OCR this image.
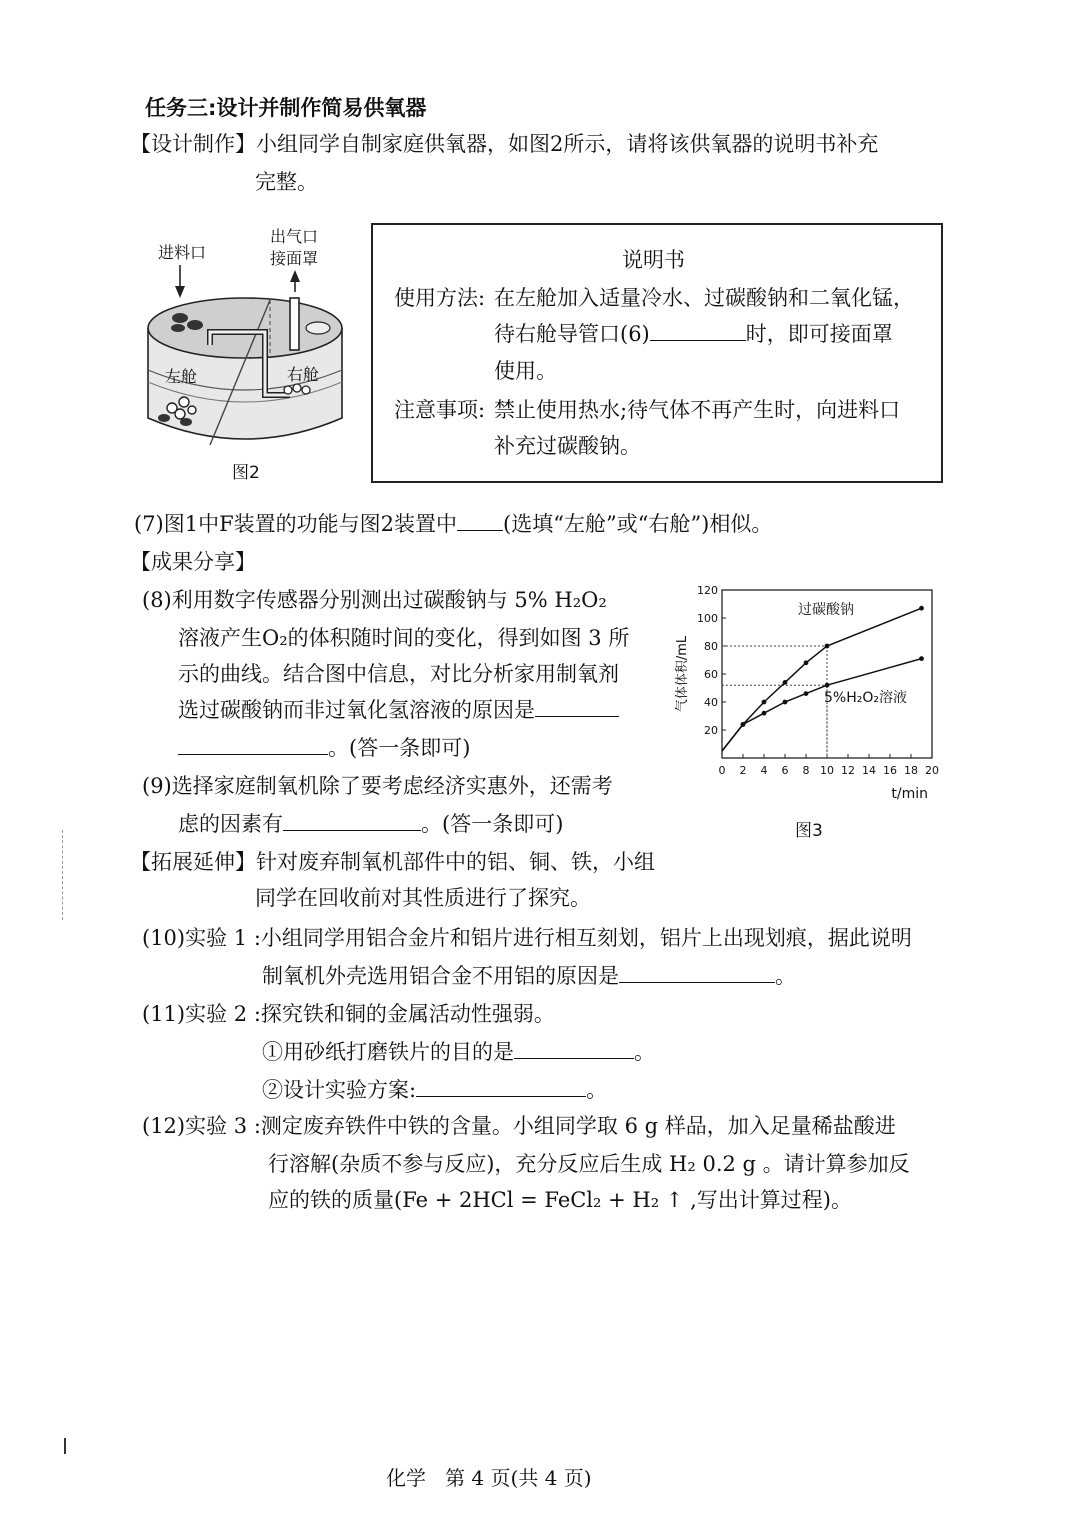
任务三:设计并制作简易供氧器
【设计制作】小组同学自制家庭供氧器，如图2所示，请将该供氧器的说明书补充
完整。
进料口
出气口
接面罩
左舱	右舱
图2
说明书
使用方法: 在左舱加入适量冷水、过碳酸钠和二氧化锰，
待右舱导管口(6)	时，即可接面罩
使用。
注意事项: 禁止使用热水;待气体不再产生时，向进料口
补充过碳酸钠。
(7)图1中F装置的功能与图2装置中 (选填“左舱”或“右舱”)相似。
【成果分享】
(8)利用数字传感器分别测出过碳酸钠与 5% H₂O₂
溶液产生O₂的体积随时间的变化，得到如图 3 所
示的曲线。结合图中信息，对比分析家用制氧剂
选过碳酸钠而非过氧化氢溶液的原因是
。(答一条即可)
(9)选择家庭制氧机除了要考虑经济实惠外，还需考
虑的因素有	。(答一条即可)
0 2 4 6 8 10 12 14 16 18 20
20
40
60
80
100
120
过碳酸钠
5%H₂O₂溶液
气体体积/mL
t/min
图3
【拓展延伸】针对废弃制氧机部件中的铝、铜、铁，小组
同学在回收前对其性质进行了探究。
(10)实验 1 :小组同学用铝合金片和铝片进行相互刻划，铝片上出现划痕，据此说明
制氧机外壳选用铝合金不用铝的原因是	。
(11)实验 2 :探究铁和铜的金属活动性强弱。
①用砂纸打磨铁片的目的是	。
②设计实验方案:	。
(12)实验 3 :测定废弃铁件中铁的含量。小组同学取 6 g 样品，加入足量稀盐酸进
行溶解(杂质不参与反应)，充分反应后生成 H₂ 0.2 g 。请计算参加反
应的铁的质量(Fe + 2HCl = FeCl₂ + H₂ ↑ ,写出计算过程)。
化学   第 4 页(共 4 页)
